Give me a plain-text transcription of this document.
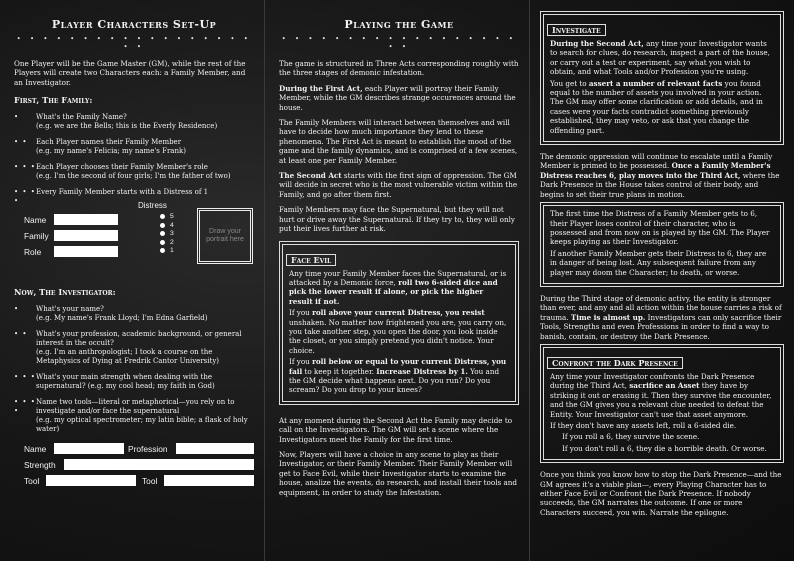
Player Characters Set-Up
• • • • • • • • • • • • • • • • • • • •

One Player will be the Game Master (GM), while the rest of the Players will create two Characters each: a Family Member, and an Investigator.

First, The Family:
•	What's the Family Name?
(e.g. we are the Bells; this is the Everly Residence)
• •	Each Player names their Family Member
(e.g. my name's Felicia; my name's Frank)
• • • Each Player chooses their Family Member's role
(e.g. I'm the second of four girls; I'm the father of two)
• • • •
Every Family Member starts with a Distress of 1
Name
Family
Role
Distress
5
4
3
2
1
Draw your portrait here
Now, The Investigator:
•	What's your name?
(e.g. My name's Frank Lloyd; I'm Edna Garfield)
• •	What's your profession, academic background, or general interest in the occult?
(e.g. I'm an anthropologist; I took a course on the Metaphysics of Dying at Fredrik Cantor University)
• • • What's your main strength when dealing with the supernatural? (e.g. my cool head; my faith in God)
• • • •
Name two tools—literal or metaphorical—you rely on to investigate and/or face the supernatural
(e.g. my optical spectrometer; my latin bible; a flask of holy water)
Name	Profession
Strength
Tool	Tool
Playing the Game
• • • • • • • • • • • • • • • • • • • •

The game is structured in Three Acts corresponding roughly with the three stages of demonic infestation.

During the First Act, each Player will portray their Family Member, while the GM describes strange occurences around the house.

The Family Members will interact between themselves and will have to decide how much importance they lend to these phenomena. The First Act is meant to establish the mood of the game and the family dynamics, and is comprised of a few scenes, at least one per Family Member.

The Second Act starts with the first sign of oppression. The GM will decide in secret who is the most vulnerable victim within the Family, and go after them first.

Family Members may face the Supernatural, but they will not hurt or drive away the Supernatural. If they try to, they will only put their lives further at risk.

Face Evil

Any time your Family Member faces the Supernatural, or is attacked by a Demonic force, roll two 6-sided dice and pick the lower result if alone, or pick the higher result if not.

If you roll above your current Distress, you resist unshaken. No matter how frightened you are, you carry on, you take another step, you open the door, you look inside the closet, or you simply pretend you didn't notice. Your choice.

If you roll below or equal to your current Distress, you fail to keep it together. Increase Distress by 1. You and the GM decide what happens next. Do you run? Do you scream? Do you drop to your knees?

At any moment during the Second Act the Family may decide to call on the Investigators. The GM will set a scene where the Investigators meet the Family for the first time.

Now, Players will have a choice in any scene to play as their Investigator, or their Family Member. Their Family Member will get to Face Evil, while their Investigator starts to examine the house, analize the events, do research, and install their tools and equipment, in order to study the Infestation.

Investigate

During the Second Act, any time your Investigator wants to search for clues, do research, inspect a part of the house, or carry out a test or experiment, say what you wish to obtain, and what Tools and/or Profession you're using.

You get to assert a number of relevant facts you found equal to the number of assets you involved in your action. The GM may offer some clarification or add details, and in cases were your facts contradict something previously established, they may veto, or ask that you change the offending part.

The demonic oppression will continue to escalate until a Family Member is primed to be possessed. Once a Family Member's Distress reaches 6, play moves into the Third Act, where the Dark Presence in the House takes control of their body, and begins to set their true plans in motion.

The first time the Distress of a Family Member gets to 6, their Player loses control of their character, who is possessed and from now on is played by the GM. The Player keeps playing as their Investigator.

If another Family Member gets their Distress to 6, they are in danger of being lost. Any subsequent failure from any player may doom the Character; to death, or worse.

During the Third stage of demonic activy, the entity is stronger than ever, and any and all action within the house carries a risk of trauma. Time is almost up. Investigators can only sacrifice their Tools, Strengths and even Professions in order to find a way to banish, contain, or destroy the Dark Presence.

Confront the Dark Presence

Any time your Investigator confronts the Dark Presence during the Third Act, sacrifice an Asset they have by striking it out or erasing it. Then they survive the encounter, and the GM gives you a relevant clue needed to defeat the Entity. Your Investigator can't use that asset anymore.

If they don't have any assets left, roll a 6-sided die.

If you roll a 6, they survive the scene.

If you don't roll a 6, they die a horrible death. Or worse.

Once you think you know how to stop the Dark Presence—and the GM agrees it's a viable plan—, every Playing Character has to either Face Evil or Confront the Dark Presence. If nobody succeeds, the GM narrates the outcome. If one or more Characters succeed, you win. Narrate the epilogue.
